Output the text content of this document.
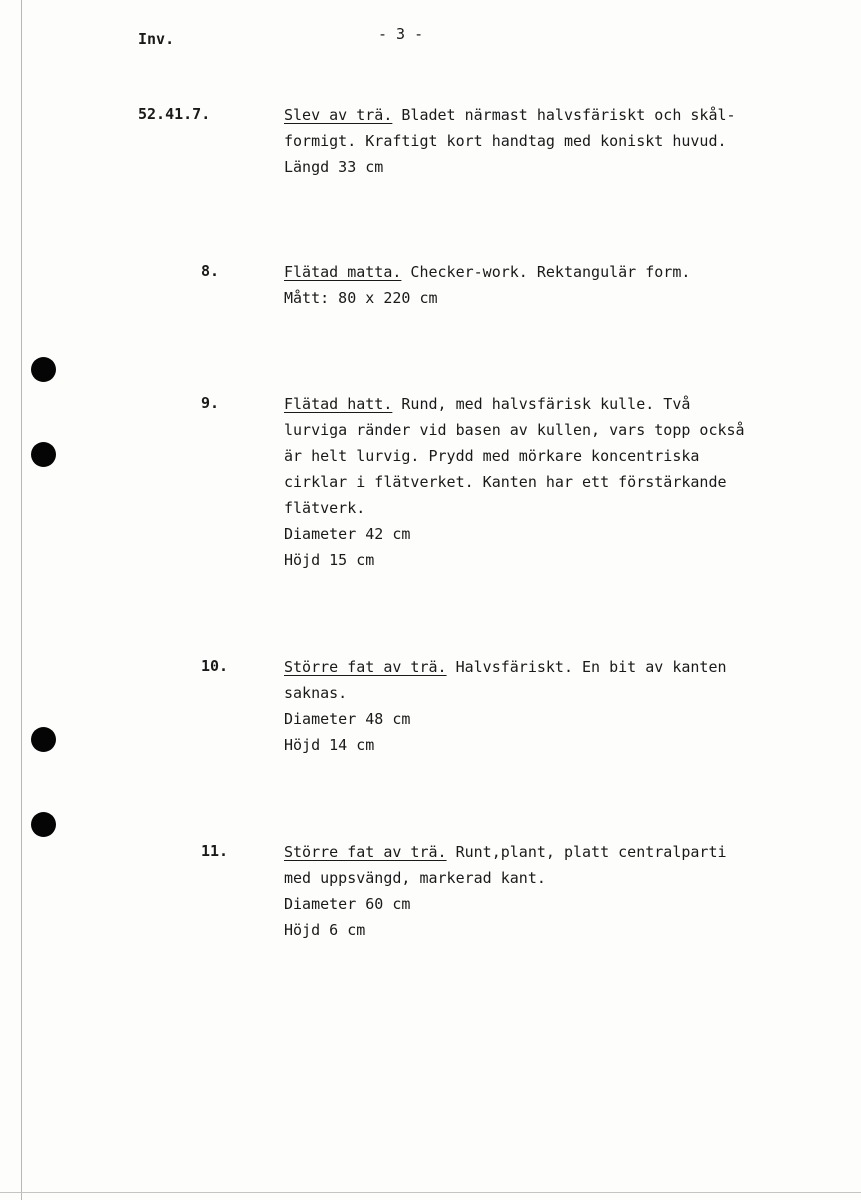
Inv.	- 3 -
52.41.7.	Slev av trä. Bladet närmast halvsfäriskt och skål-
formigt. Kraftigt kort handtag med koniskt huvud.
Längd 33 cm
8.	Flätad matta. Checker-work. Rektangulär form.
Mått: 80 x 220 cm
9.	Flätad hatt. Rund, med halvsfärisk kulle. Två
lurviga ränder vid basen av kullen, vars topp också
är helt lurvig. Prydd med mörkare koncentriska
cirklar i flätverket. Kanten har ett förstärkande
flätverk.
Diameter 42 cm
Höjd 15 cm
10.	Större fat av trä. Halvsfäriskt. En bit av kanten
saknas.
Diameter 48 cm
Höjd 14 cm
11.	Större fat av trä. Runt,plant, platt centralparti
med uppsvängd, markerad kant.
Diameter 60 cm
Höjd 6 cm
